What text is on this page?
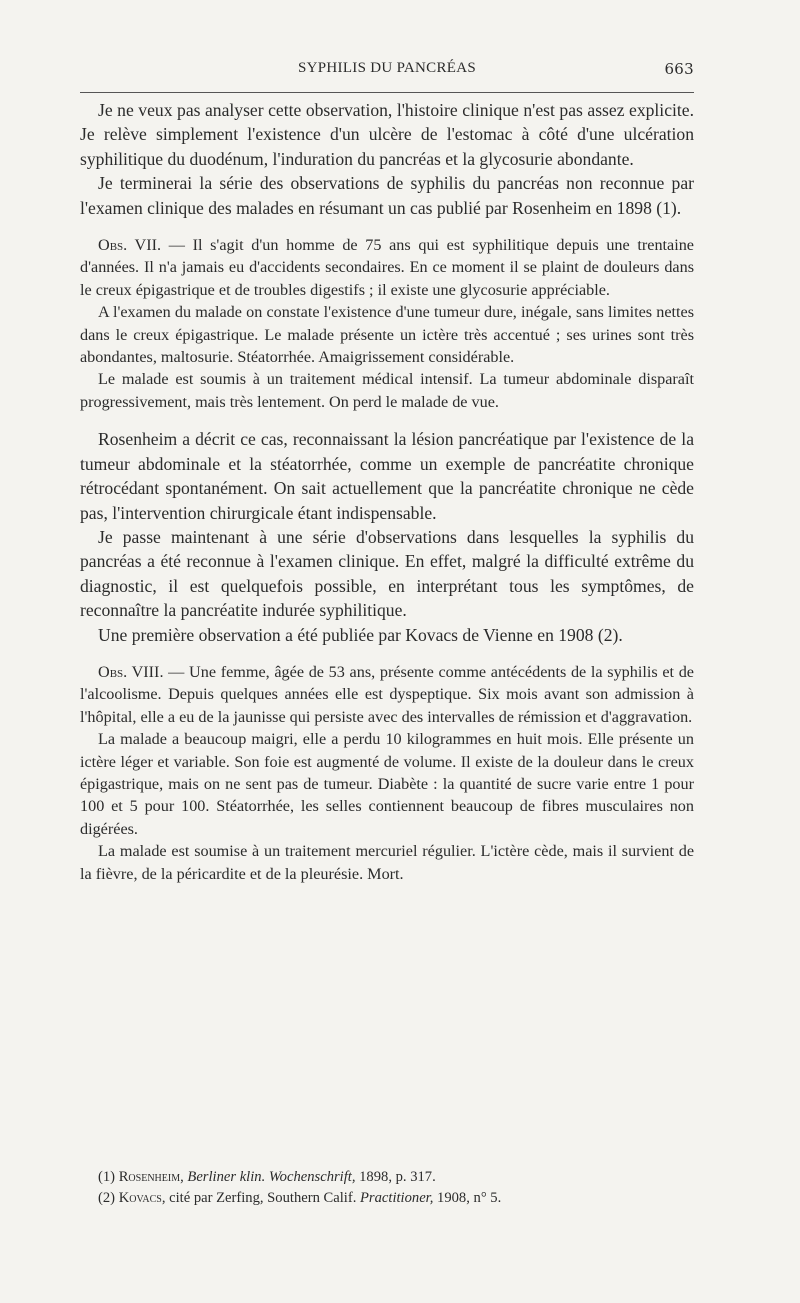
SYPHILIS DU PANCRÉAS	663

Je ne veux pas analyser cette observation, l'histoire clinique n'est pas assez explicite. Je relève simplement l'existence d'un ulcère de l'estomac à côté d'une ulcération syphilitique du duodénum, l'induration du pancréas et la glycosurie abondante.

Je terminerai la série des observations de syphilis du pancréas non reconnue par l'examen clinique des malades en résumant un cas publié par Rosenheim en 1898 (1).

Obs. VII. — Il s'agit d'un homme de 75 ans qui est syphilitique depuis une trentaine d'années. Il n'a jamais eu d'accidents secondaires. En ce moment il se plaint de douleurs dans le creux épigastrique et de troubles digestifs ; il existe une glycosurie appréciable.

A l'examen du malade on constate l'existence d'une tumeur dure, inégale, sans limites nettes dans le creux épigastrique. Le malade présente un ictère très accentué ; ses urines sont très abondantes, maltosurie. Stéatorrhée. Amaigrissement considérable.

Le malade est soumis à un traitement médical intensif. La tumeur abdominale disparaît progressivement, mais très lentement. On perd le malade de vue.

Rosenheim a décrit ce cas, reconnaissant la lésion pancréatique par l'existence de la tumeur abdominale et la stéatorrhée, comme un exemple de pancréatite chronique rétrocédant spontanément. On sait actuellement que la pancréatite chronique ne cède pas, l'intervention chirurgicale étant indispensable.

Je passe maintenant à une série d'observations dans lesquelles la syphilis du pancréas a été reconnue à l'examen clinique. En effet, malgré la difficulté extrême du diagnostic, il est quelquefois possible, en interprétant tous les symptômes, de reconnaître la pancréatite indurée syphilitique.

Une première observation a été publiée par Kovacs de Vienne en 1908 (2).

Obs. VIII. — Une femme, âgée de 53 ans, présente comme antécédents de la syphilis et de l'alcoolisme. Depuis quelques années elle est dyspeptique. Six mois avant son admission à l'hôpital, elle a eu de la jaunisse qui persiste avec des intervalles de rémission et d'aggravation.

La malade a beaucoup maigri, elle a perdu 10 kilogrammes en huit mois. Elle présente un ictère léger et variable. Son foie est augmenté de volume. Il existe de la douleur dans le creux épigastrique, mais on ne sent pas de tumeur. Diabète : la quantité de sucre varie entre 1 pour 100 et 5 pour 100. Stéatorrhée, les selles contiennent beaucoup de fibres musculaires non digérées.

La malade est soumise à un traitement mercuriel régulier. L'ictère cède, mais il survient de la fièvre, de la péricardite et de la pleurésie. Mort.

(1) Rosenheim, Berliner klin. Wochenschrift, 1898, p. 317.

(2) Kovacs, cité par Zerfing, Southern Calif. Practitioner, 1908, n° 5.
